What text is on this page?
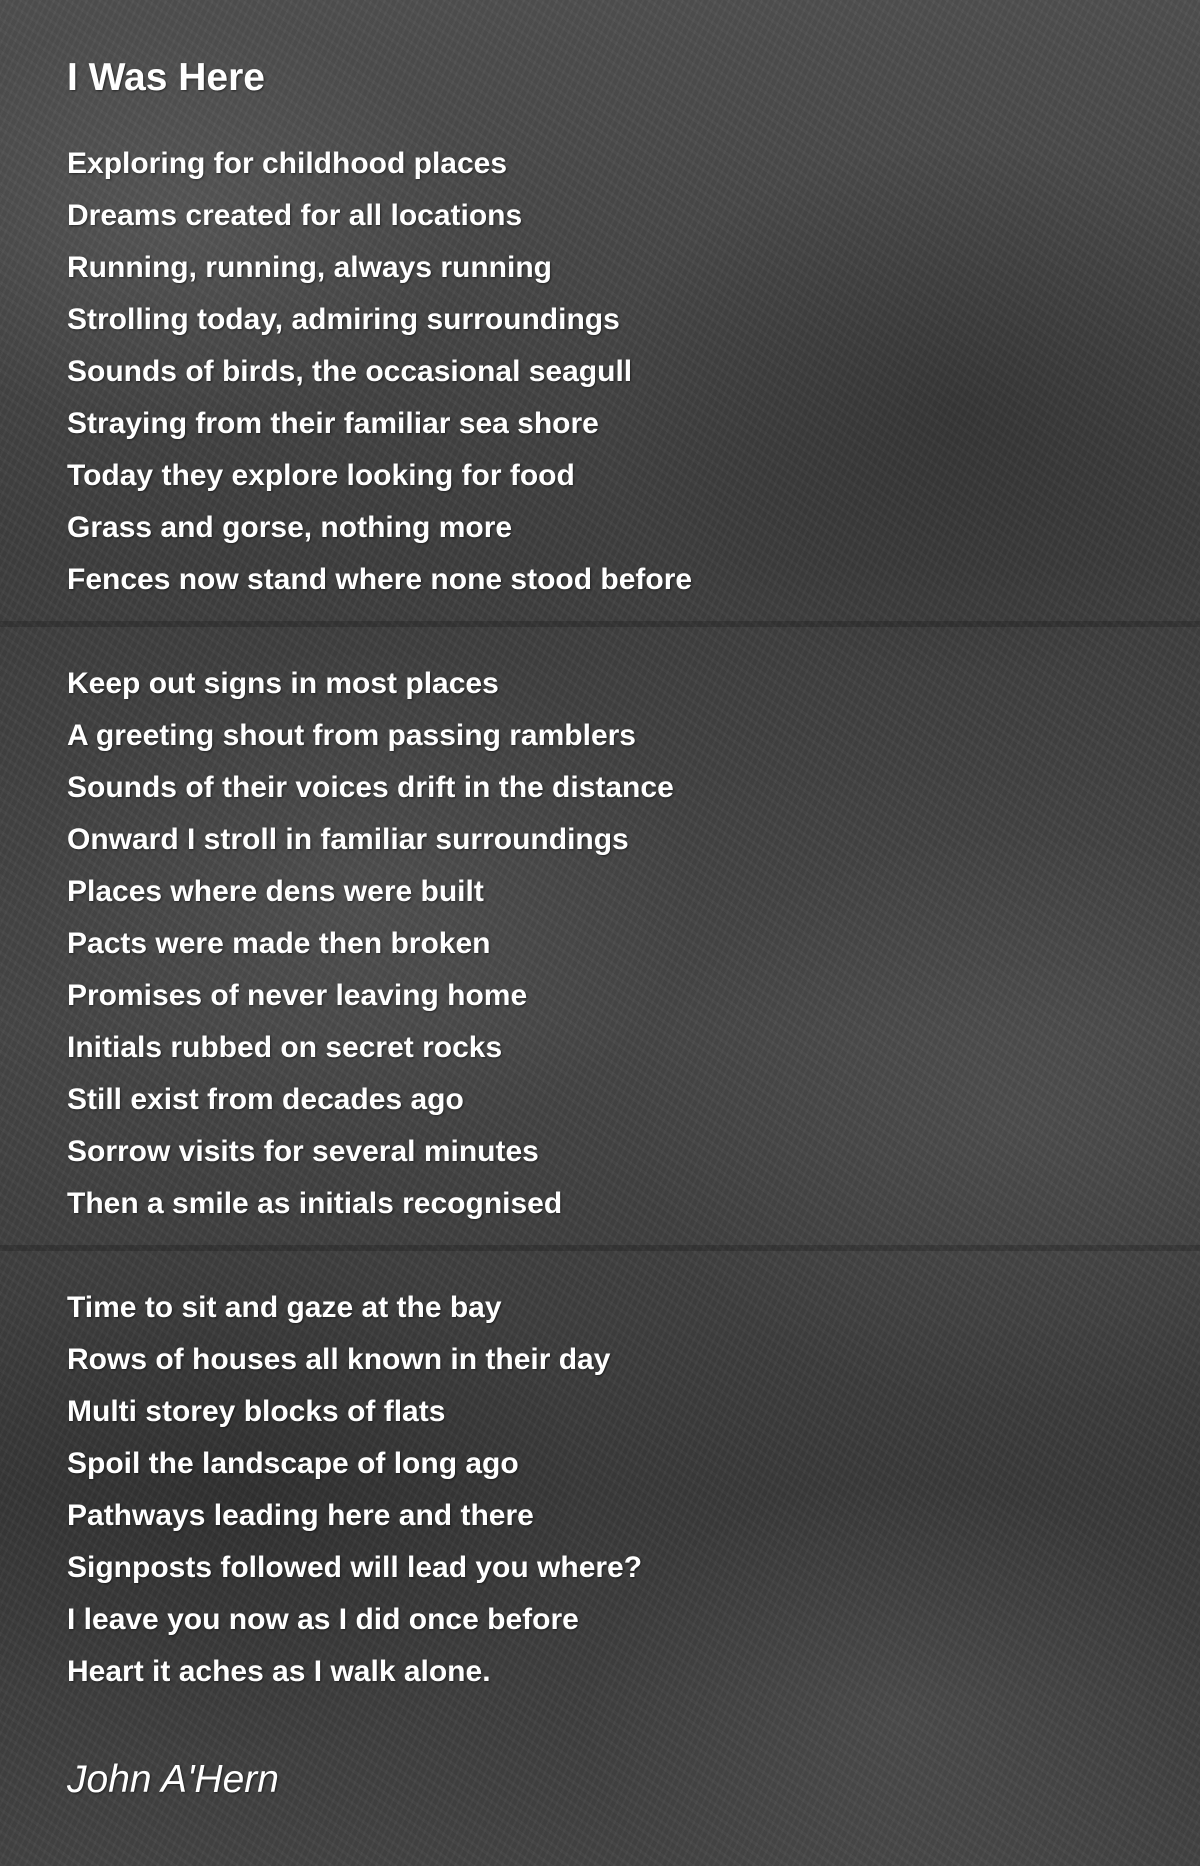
I Was Here
Exploring for childhood places
Dreams created for all locations
Running, running, always running
Strolling today, admiring surroundings
Sounds of birds, the occasional seagull
Straying from their familiar sea shore
Today they explore looking for food
Grass and gorse, nothing more
Fences now stand where none stood before
Keep out signs in most places
A greeting shout from passing ramblers
Sounds of their voices drift in the distance
Onward I stroll in familiar surroundings
Places where dens were built
Pacts were made then broken
Promises of never leaving home
Initials rubbed on secret rocks
Still exist from decades ago
Sorrow visits for several minutes
Then a smile as initials recognised
Time to sit and gaze at the bay
Rows of houses all known in their day
Multi storey blocks of flats
Spoil the landscape of long ago
Pathways leading here and there
Signposts followed will lead you where?
I leave you now as I did once before
Heart it aches as I walk alone.
John A'Hern
